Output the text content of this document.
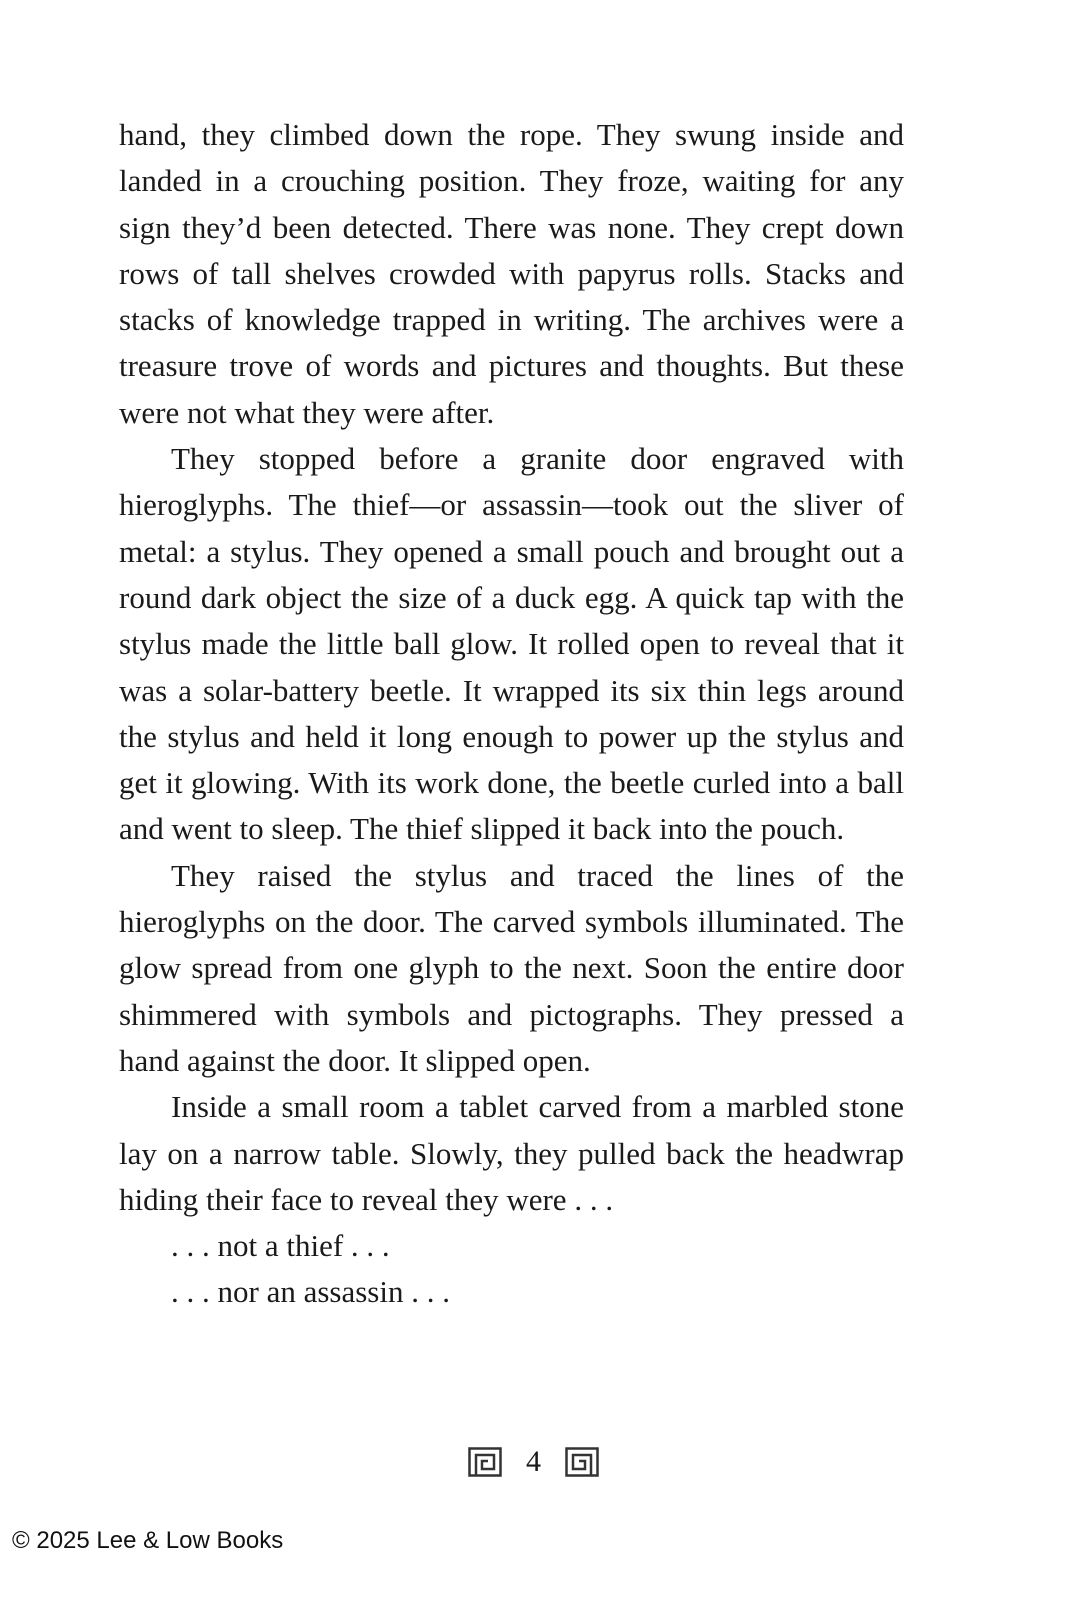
hand, they climbed down the rope. They swung inside and landed in a crouching position. They froze, waiting for any sign they’d been detected. There was none. They crept down rows of tall shelves crowded with papyrus rolls. Stacks and stacks of knowledge trapped in writing. The archives were a treasure trove of words and pictures and thoughts. But these were not what they were after.

They stopped before a granite door engraved with hieroglyphs. The thief—or assassin—took out the sliver of metal: a stylus. They opened a small pouch and brought out a round dark object the size of a duck egg. A quick tap with the stylus made the little ball glow. It rolled open to reveal that it was a solar-battery beetle. It wrapped its six thin legs around the stylus and held it long enough to power up the stylus and get it glowing. With its work done, the beetle curled into a ball and went to sleep. The thief slipped it back into the pouch.

They raised the stylus and traced the lines of the hieroglyphs on the door. The carved symbols illuminated. The glow spread from one glyph to the next. Soon the entire door shimmered with symbols and pictographs. They pressed a hand against the door. It slipped open.

Inside a small room a tablet carved from a marbled stone lay on a narrow table. Slowly, they pulled back the headwrap hiding their face to reveal they were . . .

. . . not a thief . . .

. . . nor an assassin . . .

4
© 2025 Lee & Low Books
